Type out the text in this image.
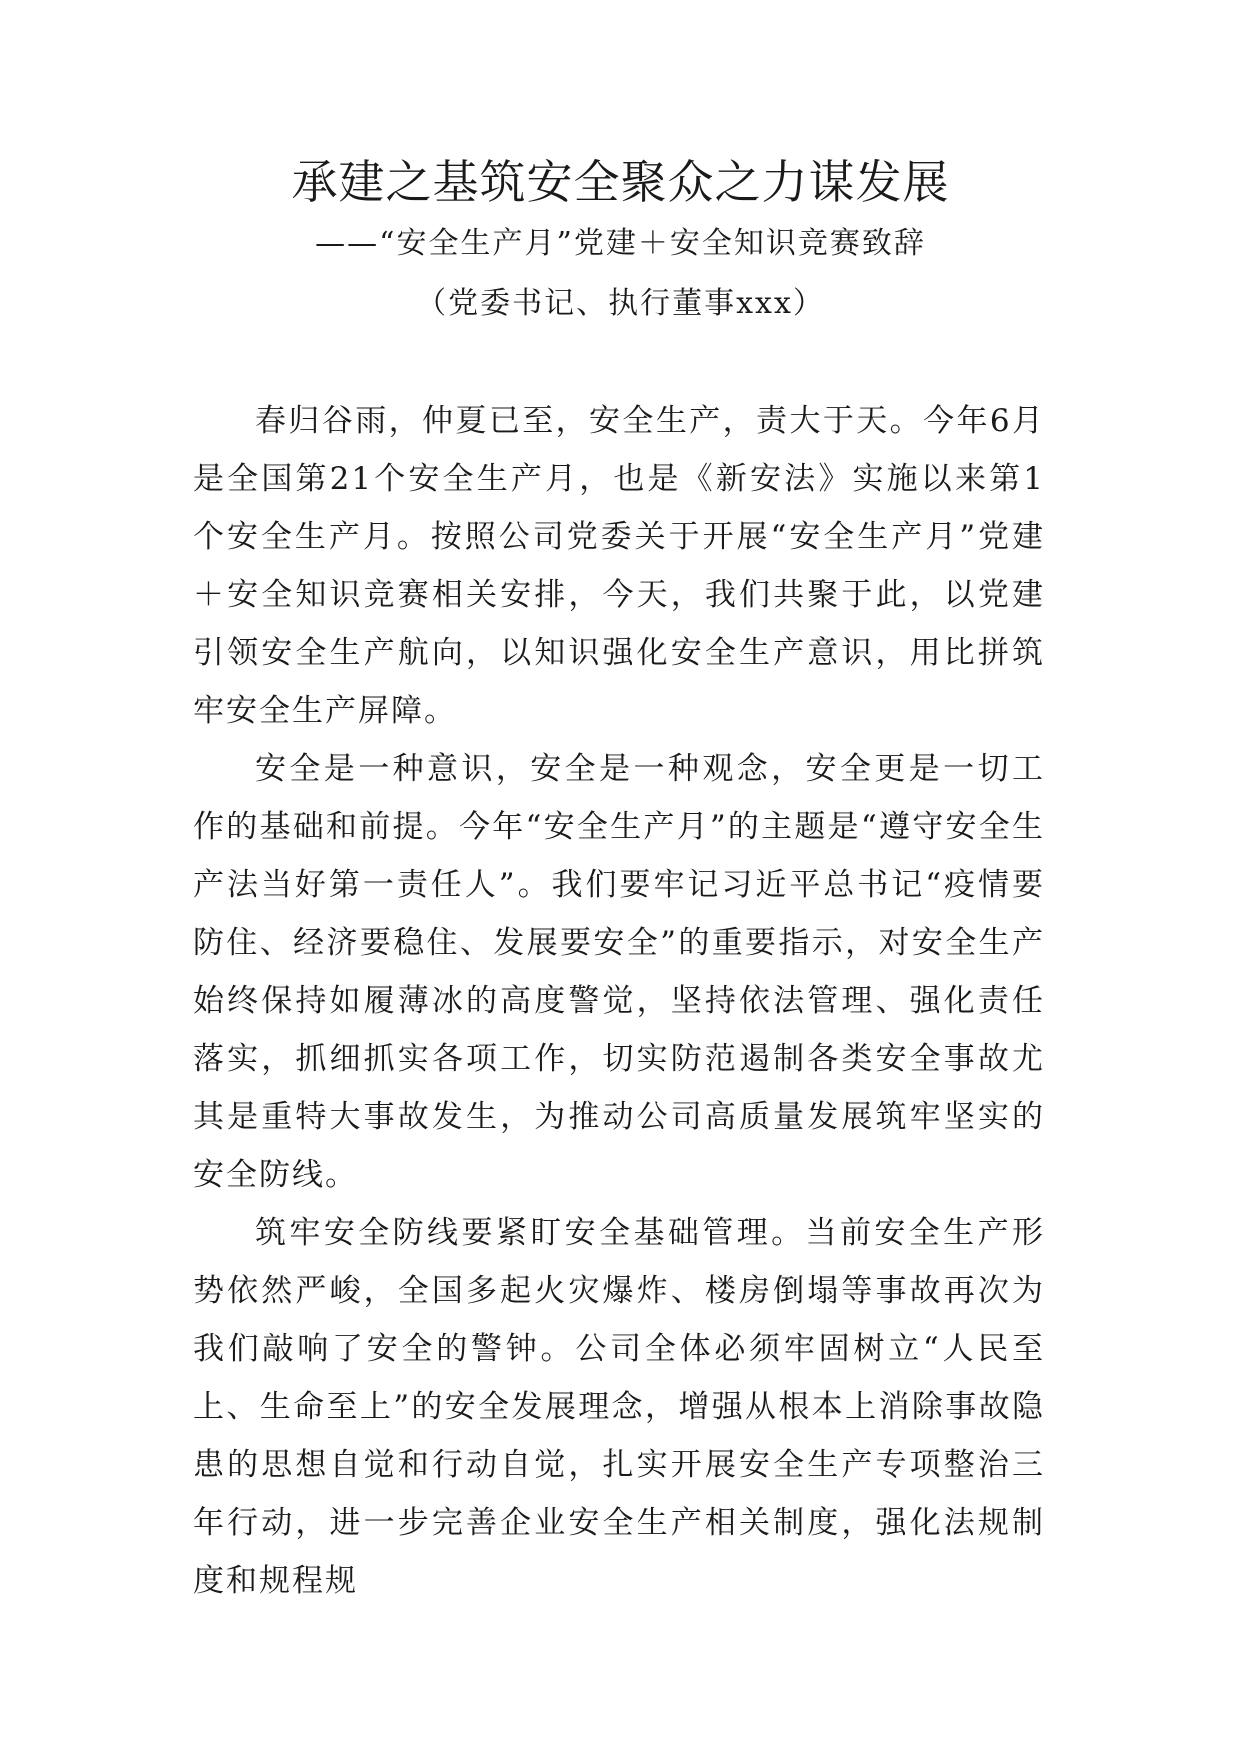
承建之基筑安全聚众之力谋发展
——“安全生产月”党建＋安全知识竞赛致辞
（党委书记、执行董事xxx）

春归谷雨，仲夏已至，安全生产，责大于天。今年6月是全国第21个安全生产月，也是《新安法》实施以来第1个安全生产月。按照公司党委关于开展“安全生产月”党建＋安全知识竞赛相关安排，今天，我们共聚于此，以党建引领安全生产航向，以知识强化安全生产意识，用比拼筑牢安全生产屏障。

安全是一种意识，安全是一种观念，安全更是一切工作的基础和前提。今年“安全生产月”的主题是“遵守安全生产法当好第一责任人”。我们要牢记习近平总书记“疫情要防住、经济要稳住、发展要安全”的重要指示，对安全生产始终保持如履薄冰的高度警觉，坚持依法管理、强化责任落实，抓细抓实各项工作，切实防范遏制各类安全事故尤其是重特大事故发生，为推动公司高质量发展筑牢坚实的安全防线。

筑牢安全防线要紧盯安全基础管理。当前安全生产形势依然严峻，全国多起火灾爆炸、楼房倒塌等事故再次为我们敲响了安全的警钟。公司全体必须牢固树立“人民至上、生命至上”的安全发展理念，增强从根本上消除事故隐患的思想自觉和行动自觉，扎实开展安全生产专项整治三年行动，进一步完善企业安全生产相关制度，强化法规制度和规程规
